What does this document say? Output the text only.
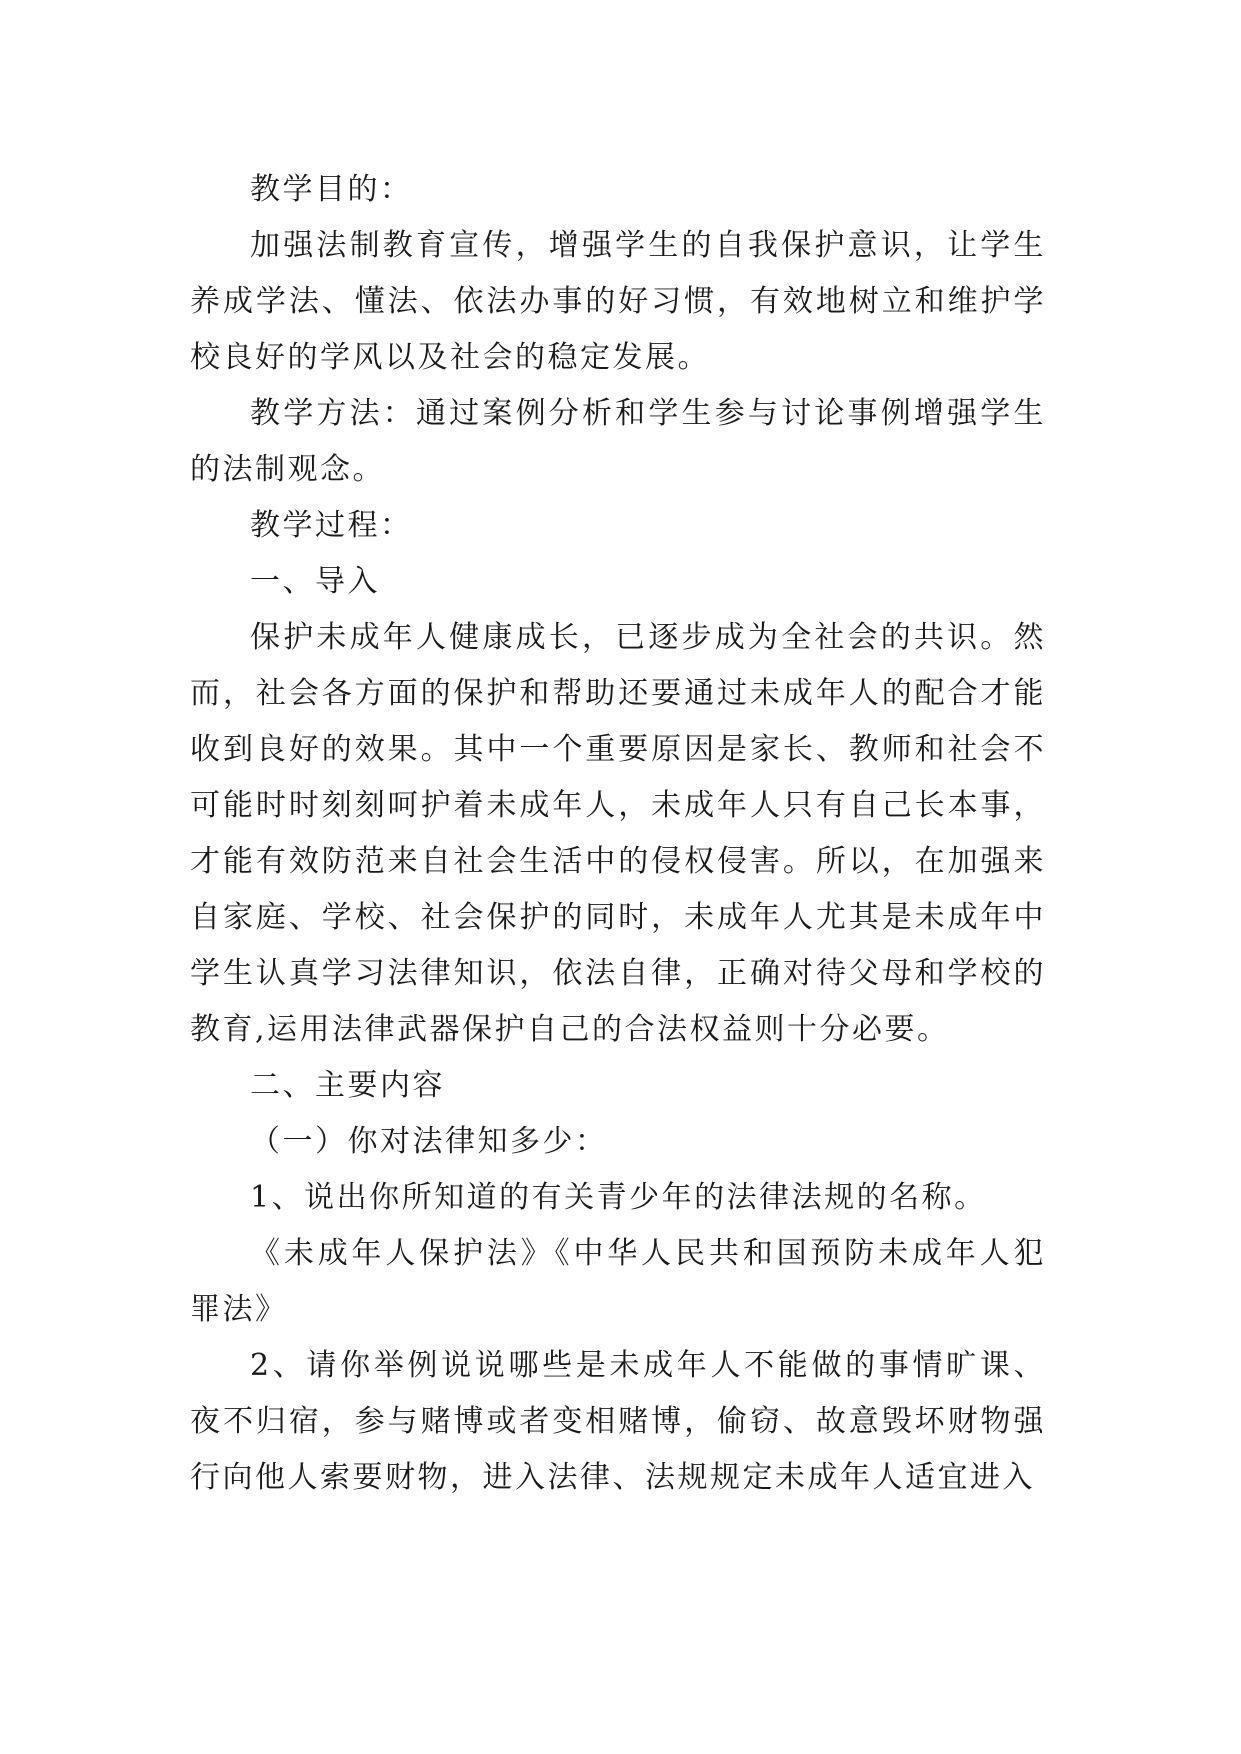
教学目的：

加强法制教育宣传，增强学生的自我保护意识，让学生养成学法、懂法、依法办事的好习惯，有效地树立和维护学校良好的学风以及社会的稳定发展。

教学方法：通过案例分析和学生参与讨论事例增强学生的法制观念。

教学过程：

一、导入

保护未成年人健康成长，已逐步成为全社会的共识。然而，社会各方面的保护和帮助还要通过未成年人的配合才能收到良好的效果。其中一个重要原因是家长、教师和社会不可能时时刻刻呵护着未成年人，未成年人只有自己长本事，才能有效防范来自社会生活中的侵权侵害。所以，在加强来自家庭、学校、社会保护的同时，未成年人尤其是未成年中学生认真学习法律知识，依法自律，正确对待父母和学校的教育,运用法律武器保护自己的合法权益则十分必要。

二、主要内容

（一）你对法律知多少：

1、说出你所知道的有关青少年的法律法规的名称。

《未成年人保护法》《中华人民共和国预防未成年人犯罪法》

2、请你举例说说哪些是未成年人不能做的事情旷课、夜不归宿，参与赌博或者变相赌博，偷窃、故意毁坏财物强行向他人索要财物，进入法律、法规规定未成年人适宜进入
